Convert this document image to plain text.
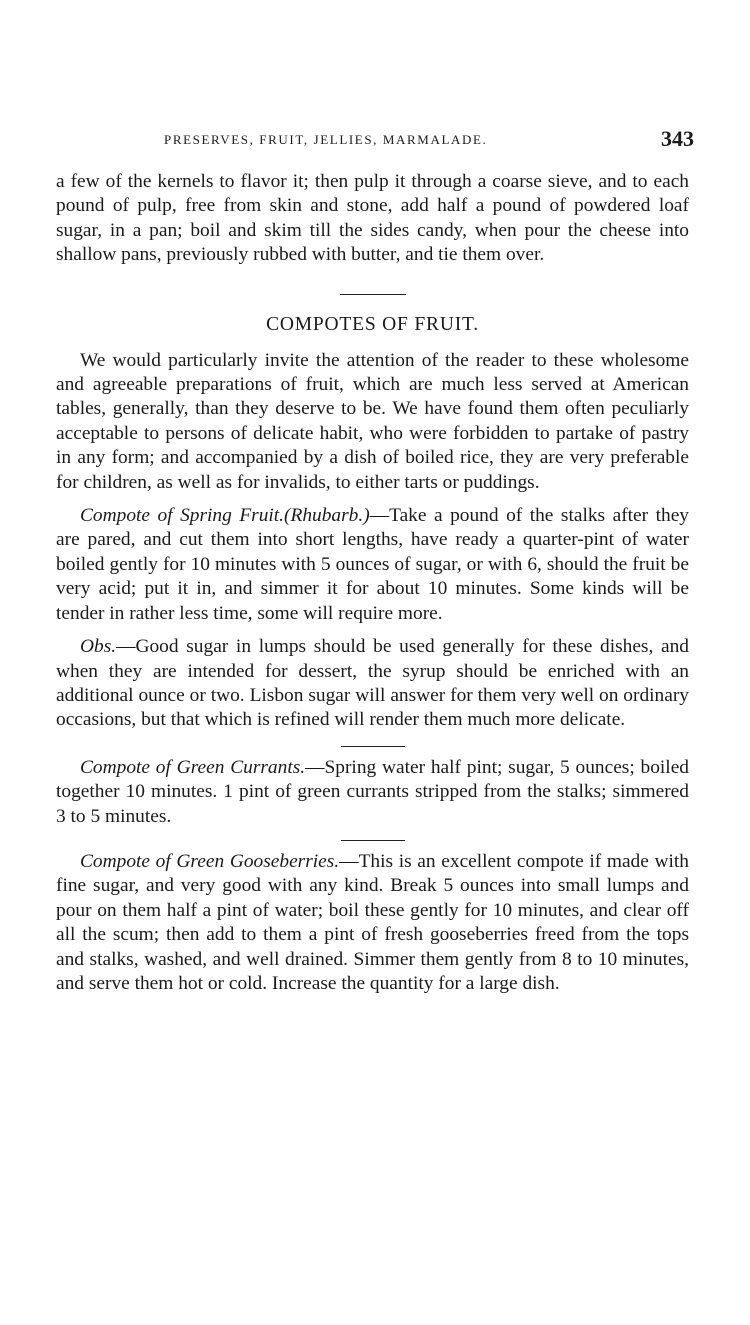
PRESERVES, FRUIT, JELLIES, MARMALADE.	343

a few of the kernels to flavor it; then pulp it through a coarse sieve, and to each pound of pulp, free from skin and stone, add half a pound of powdered loaf sugar, in a pan; boil and skim till the sides candy, when pour the cheese into shallow pans, previously rubbed with butter, and tie them over.

COMPOTES OF FRUIT.

We would particularly invite the attention of the reader to these wholesome and agreeable preparations of fruit, which are much less served at American tables, generally, than they deserve to be. We have found them often peculiarly acceptable to persons of delicate habit, who were forbidden to partake of pastry in any form; and accompanied by a dish of boiled rice, they are very preferable for children, as well as for invalids, to either tarts or puddings.

Compote of Spring Fruit.(Rhubarb.)—Take a pound of the stalks after they are pared, and cut them into short lengths, have ready a quarter-pint of water boiled gently for 10 minutes with 5 ounces of sugar, or with 6, should the fruit be very acid; put it in, and simmer it for about 10 minutes. Some kinds will be tender in rather less time, some will require more.

Obs.—Good sugar in lumps should be used generally for these dishes, and when they are intended for dessert, the syrup should be enriched with an additional ounce or two. Lisbon sugar will answer for them very well on ordinary occasions, but that which is refined will render them much more delicate.

Compote of Green Currants.—Spring water half pint; sugar, 5 ounces; boiled together 10 minutes. 1 pint of green currants stripped from the stalks; simmered 3 to 5 minutes.

Compote of Green Gooseberries.—This is an excellent compote if made with fine sugar, and very good with any kind. Break 5 ounces into small lumps and pour on them half a pint of water; boil these gently for 10 minutes, and clear off all the scum; then add to them a pint of fresh gooseberries freed from the tops and stalks, washed, and well drained. Simmer them gently from 8 to 10 minutes, and serve them hot or cold. Increase the quantity for a large dish.
